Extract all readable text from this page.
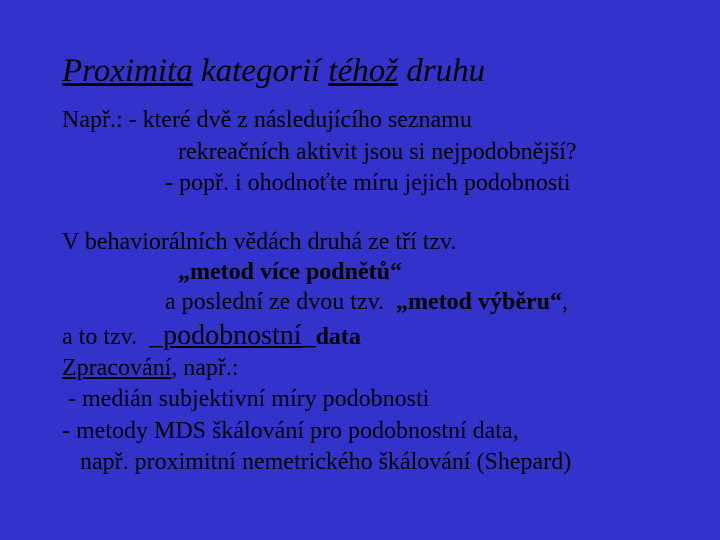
Proximita kategorií téhož druhu
Např.: - které dvě z následujícího seznamu
rekreačních aktivit jsou si nejpodobnější?
- popř. i ohodnoťte míru jejich podobnosti
V behaviorálních vědách druhá ze tří tzv.
„metod více podnětů“
a poslední ze dvou tzv.  „metod výběru“,
a to tzv.  _podobnostní_data
Zpracování, např.:
- medián subjektivní míry podobnosti
- metody MDS škálování pro podobnostní data,
např. proximitní nemetrického škálování (Shepard)
